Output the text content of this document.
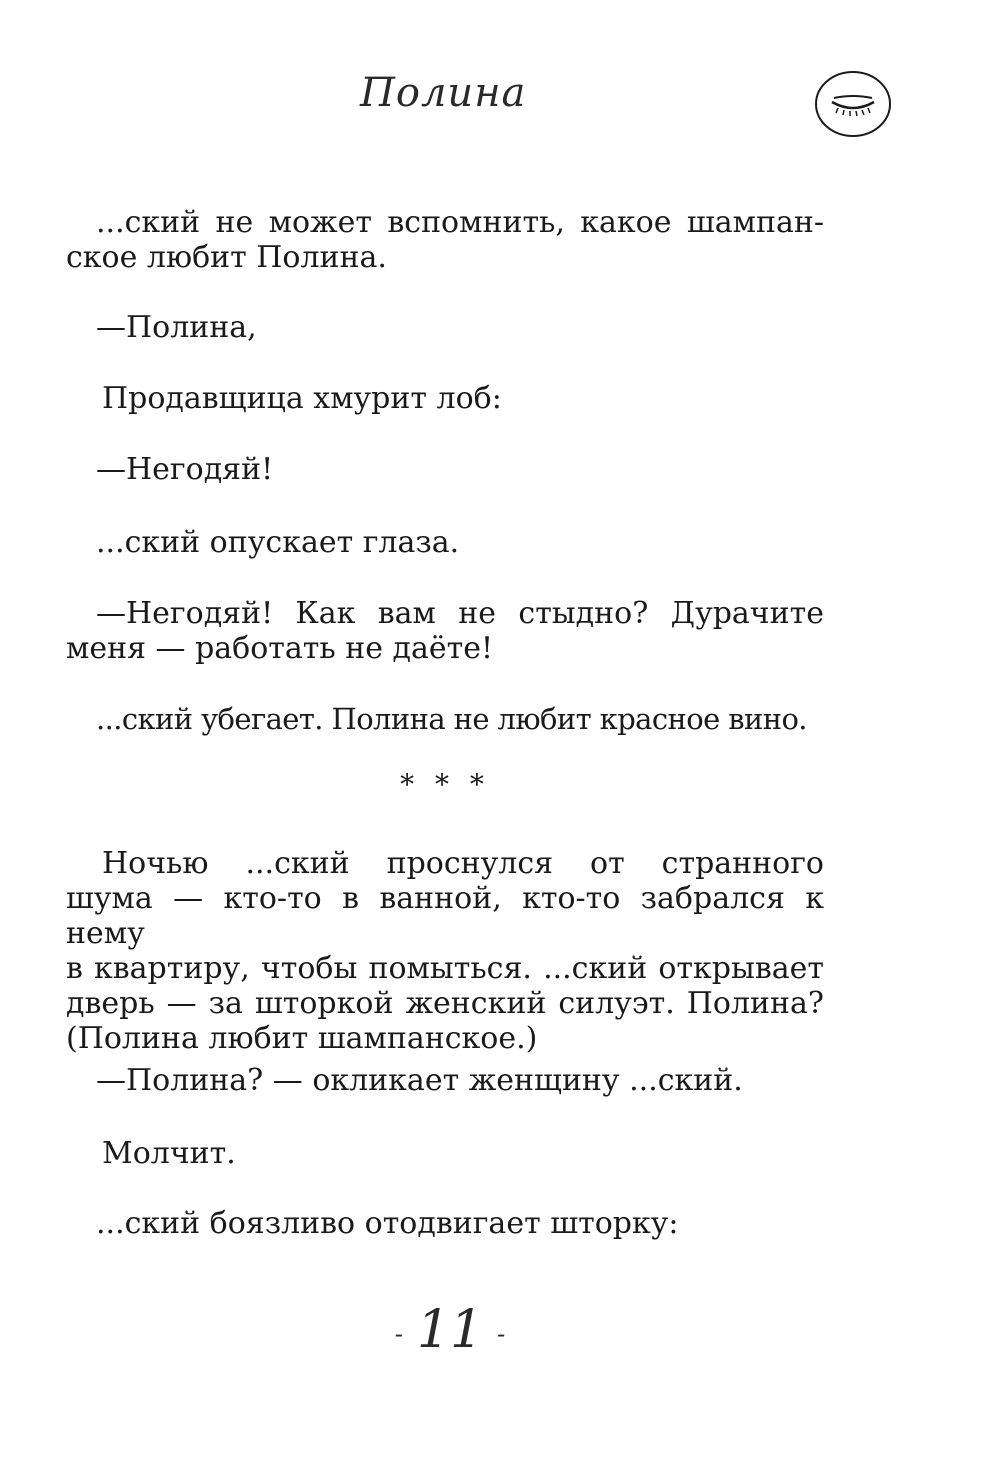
Полина
...ский не может вспомнить, какое шампан-
ское любит Полина.
—Полина,
Продавщица хмурит лоб:
—Негодяй!
...ский опускает глаза.
—Негодяй! Как вам не стыдно? Дурачите
меня — работать не даёте!
...ский убегает. Полина не любит красное вино.
* * *
Ночью ...ский проснулся от странного
шума — кто-то в ванной, кто-то забрался к нему
в квартиру, чтобы помыться. ...ский открывает
дверь — за шторкой женский силуэт. Полина?
(Полина любит шампанское.)
—Полина? — окликает женщину ...ский.
Молчит.
...ский боязливо отодвигает шторку:
- 11 -
